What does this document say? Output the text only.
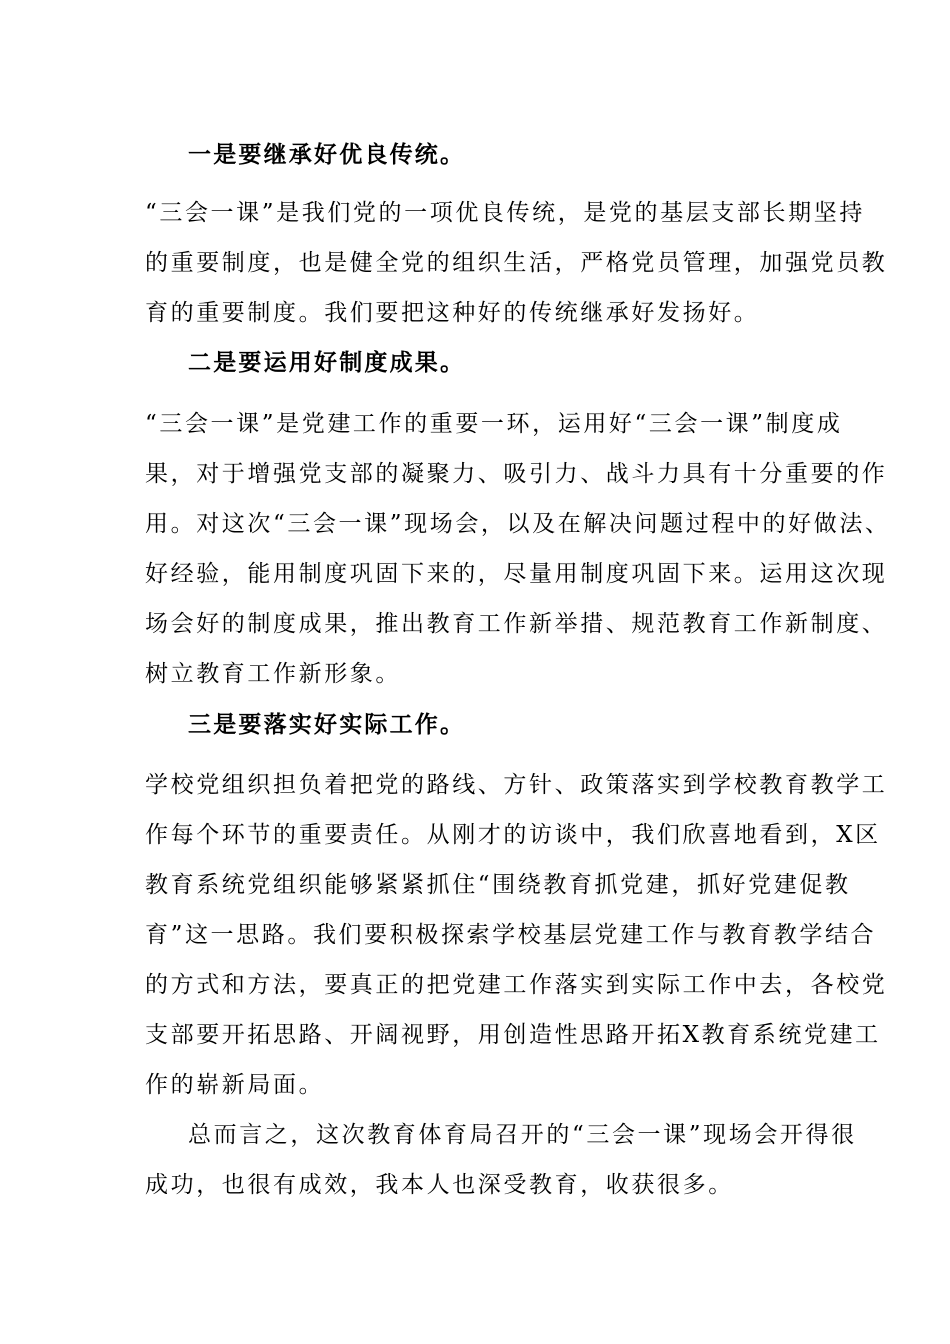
一是要继承好优良传统。
“三会一课”是我们党的一项优良传统，是党的基层支部长期坚持
的重要制度，也是健全党的组织生活，严格党员管理，加强党员教
育的重要制度。我们要把这种好的传统继承好发扬好。
二是要运用好制度成果。
“三会一课”是党建工作的重要一环，运用好“三会一课”制度成
果，对于增强党支部的凝聚力、吸引力、战斗力具有十分重要的作
用。对这次“三会一课”现场会，以及在解决问题过程中的好做法、
好经验，能用制度巩固下来的，尽量用制度巩固下来。运用这次现
场会好的制度成果，推出教育工作新举措、规范教育工作新制度、
树立教育工作新形象。
三是要落实好实际工作。
学校党组织担负着把党的路线、方针、政策落实到学校教育教学工
作每个环节的重要责任。从刚才的访谈中，我们欣喜地看到，X区
教育系统党组织能够紧紧抓住“围绕教育抓党建，抓好党建促教
育”这一思路。我们要积极探索学校基层党建工作与教育教学结合
的方式和方法，要真正的把党建工作落实到实际工作中去，各校党
支部要开拓思路、开阔视野，用创造性思路开拓X教育系统党建工
作的崭新局面。
总而言之，这次教育体育局召开的“三会一课”现场会开得很
成功，也很有成效，我本人也深受教育，收获很多。
